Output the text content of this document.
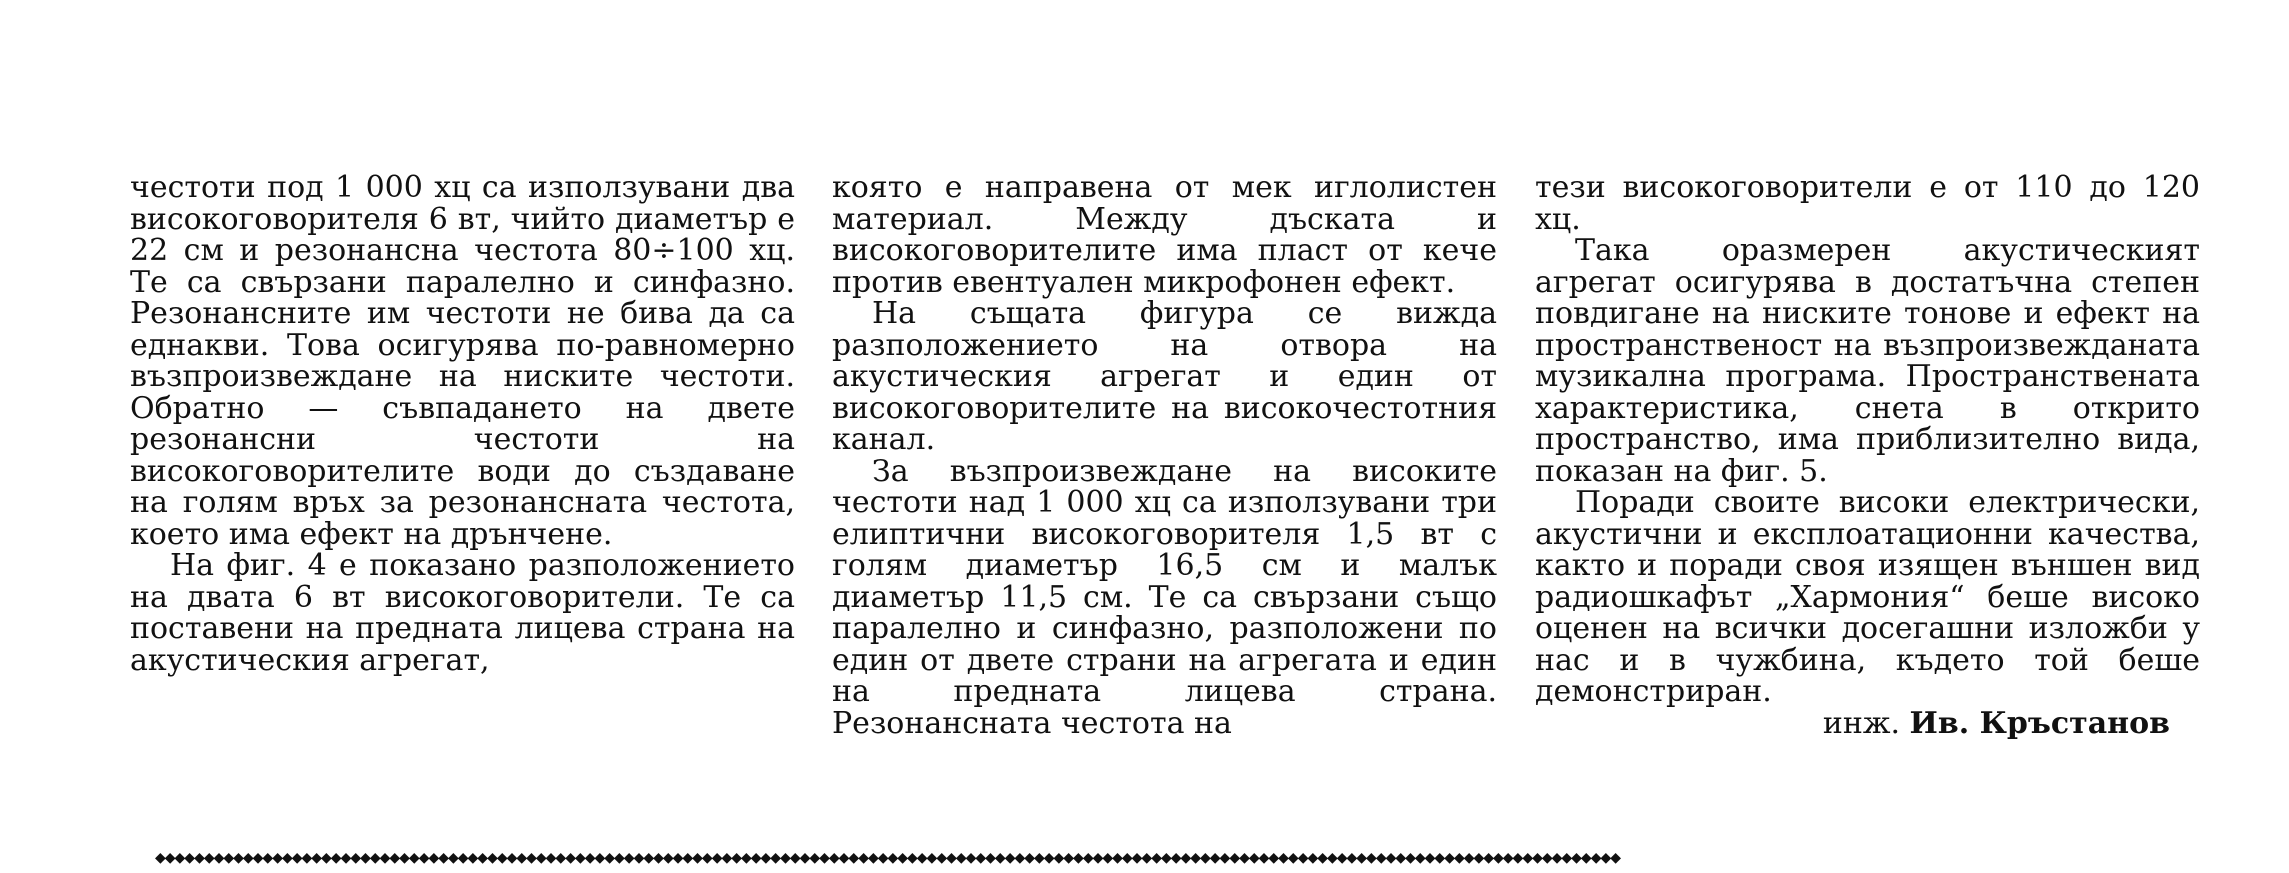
честоти под 1 000 хц са използувани два високоговорителя 6 вт, чийто диаметър е 22 см и резонансна честота 80÷100 хц. Те са свързани паралелно и синфазно. Резонансните им честоти не бива да са еднакви. Това осигурява по-равномерно възпроизвеждане на ниските честоти. Обратно — съвпадането на двете резонансни честоти на високоговорителите води до създаване на голям връх за резонансната честота, което има ефект на дрънчене.

На фиг. 4 е показано разположението на двата 6 вт високоговорители. Те са поставени на предната лицева страна на акустическия агрегат,

която е направена от мек иглолистен материал. Между дъската и високоговорителите има пласт от кече против евентуален микрофонен ефект.

На същата фигура се вижда разположението на отвора на акустическия агрегат и един от високоговорителите на високочестотния канал.

За възпроизвеждане на високите честоти над 1 000 хц са използувани три елиптични високоговорителя 1,5 вт с голям диаметър 16,5 см и малък диаметър 11,5 см. Те са свързани също паралелно и синфазно, разположени по един от двете страни на агрегата и един на предната лицева страна. Резонансната честота на

тези високоговорители е от 110 до 120 хц.

Така оразмерен акустическият агрегат осигурява в достатъчна степен повдигане на ниските тонове и ефект на пространственост на възпроизвежданата музикална програма. Пространствената характеристика, снета в открито пространство, има приблизително вида, показан на фиг. 5.

Поради своите високи електрически, акустични и експлоатационни качества, както и поради своя изящен външен вид радиошкафът „Хармония“ беше високо оценен на всички досегашни изложби у нас и в чужбина, където той беше демонстриран.

инж. Ив. Кръстанов

◆◆◆◆◆◆◆◆◆◆◆◆◆◆◆◆◆◆◆◆◆◆◆◆◆◆◆◆◆◆◆◆◆◆◆◆◆◆◆◆◆◆◆◆◆◆◆◆◆◆◆◆◆◆◆◆◆◆◆◆◆◆◆◆◆◆◆◆◆◆◆◆◆◆◆◆◆◆◆◆◆◆◆◆◆◆◆◆◆◆◆◆◆◆◆◆◆◆◆◆◆◆◆◆◆◆◆◆◆◆◆◆◆◆◆◆◆◆◆◆◆◆◆◆◆◆◆◆◆◆◆◆◆◆◆◆◆◆◆◆◆◆◆◆◆◆◆◆◆◆
